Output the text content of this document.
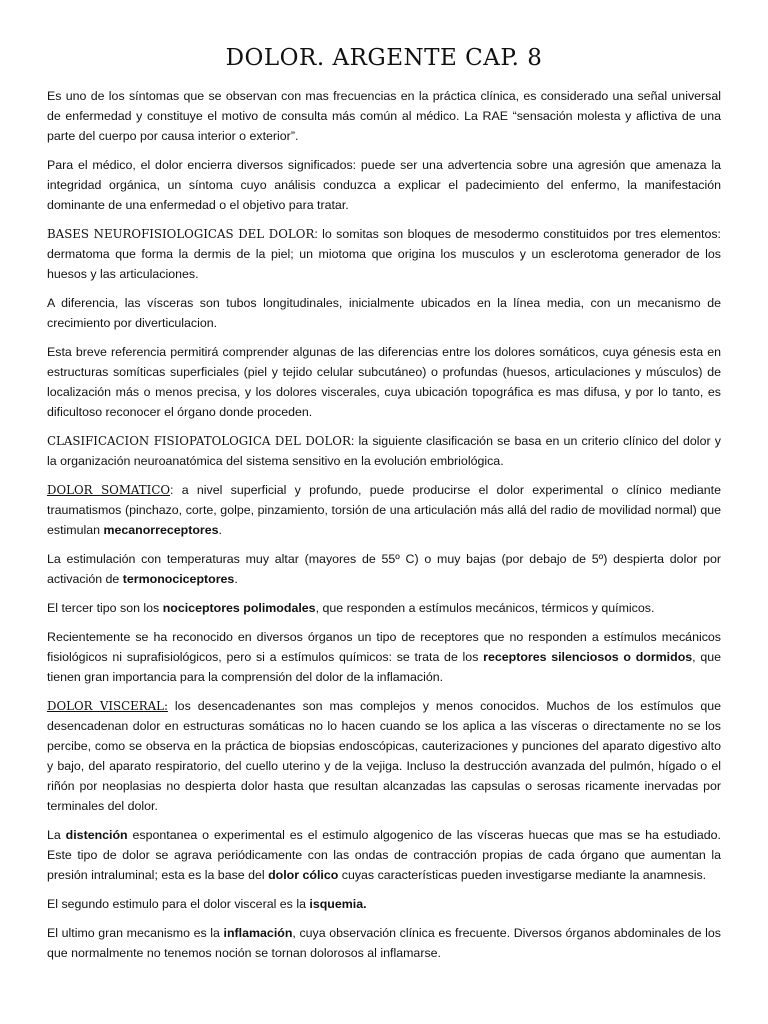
DOLOR. ARGENTE CAP. 8

Es uno de los síntomas que se observan con mas frecuencias en la práctica clínica, es considerado una señal universal de enfermedad y constituye el motivo de consulta más común al médico. La RAE “sensación molesta y aflictiva de una parte del cuerpo por causa interior o exterior”.

Para el médico, el dolor encierra diversos significados: puede ser una advertencia sobre una agresión que amenaza la integridad orgánica, un síntoma cuyo análisis conduzca a explicar el padecimiento del enfermo, la manifestación dominante de una enfermedad o el objetivo para tratar.

BASES NEUROFISIOLOGICAS DEL DOLOR: lo somitas son bloques de mesodermo constituidos por tres elementos: dermatoma que forma la dermis de la piel; un miotoma que origina los musculos y un esclerotoma generador de los huesos y las articulaciones.

A diferencia, las vísceras son tubos longitudinales, inicialmente ubicados en la línea media, con un mecanismo de crecimiento por diverticulacion.

Esta breve referencia permitirá comprender algunas de las diferencias entre los dolores somáticos, cuya génesis esta en estructuras somíticas superficiales (piel y tejido celular subcutáneo) o profundas (huesos, articulaciones y músculos) de localización más o menos precisa, y los dolores viscerales, cuya ubicación topográfica es mas difusa, y por lo tanto, es dificultoso reconocer el órgano donde proceden.

CLASIFICACION FISIOPATOLOGICA DEL DOLOR: la siguiente clasificación se basa en un criterio clínico del dolor y la organización neuroanatómica del sistema sensitivo en la evolución embriológica.

DOLOR SOMATICO: a nivel superficial y profundo, puede producirse el dolor experimental o clínico mediante traumatismos (pinchazo, corte, golpe, pinzamiento, torsión de una articulación más allá del radio de movilidad normal) que estimulan mecanorreceptores.

La estimulación con temperaturas muy altar (mayores de 55º C) o muy bajas (por debajo de 5º) despierta dolor por activación de termonociceptores.

El tercer tipo son los nociceptores polimodales, que responden a estímulos mecánicos, térmicos y químicos.

Recientemente se ha reconocido en diversos órganos un tipo de receptores que no responden a estímulos mecánicos fisiológicos ni suprafisiológicos, pero si a estímulos químicos: se trata de los receptores silenciosos o dormidos, que tienen gran importancia para la comprensión del dolor de la inflamación.

DOLOR VISCERAL: los desencadenantes son mas complejos y menos conocidos. Muchos de los estímulos que desencadenan dolor en estructuras somáticas no lo hacen cuando se los aplica a las vísceras o directamente no se los percibe, como se observa en la práctica de biopsias endoscópicas, cauterizaciones y punciones del aparato digestivo alto y bajo, del aparato respiratorio, del cuello uterino y de la vejiga. Incluso la destrucción avanzada del pulmón, hígado o el riñón por neoplasias no despierta dolor hasta que resultan alcanzadas las capsulas o serosas ricamente inervadas por terminales del dolor.

La distención espontanea o experimental es el estimulo algogenico de las vísceras huecas que mas se ha estudiado. Este tipo de dolor se agrava periódicamente con las ondas de contracción propias de cada órgano que aumentan la presión intraluminal; esta es la base del dolor cólico cuyas características pueden investigarse mediante la anamnesis.

El segundo estimulo para el dolor visceral es la isquemia.

El ultimo gran mecanismo es la inflamación, cuya observación clínica es frecuente. Diversos órganos abdominales de los que normalmente no tenemos noción se tornan dolorosos al inflamarse.
